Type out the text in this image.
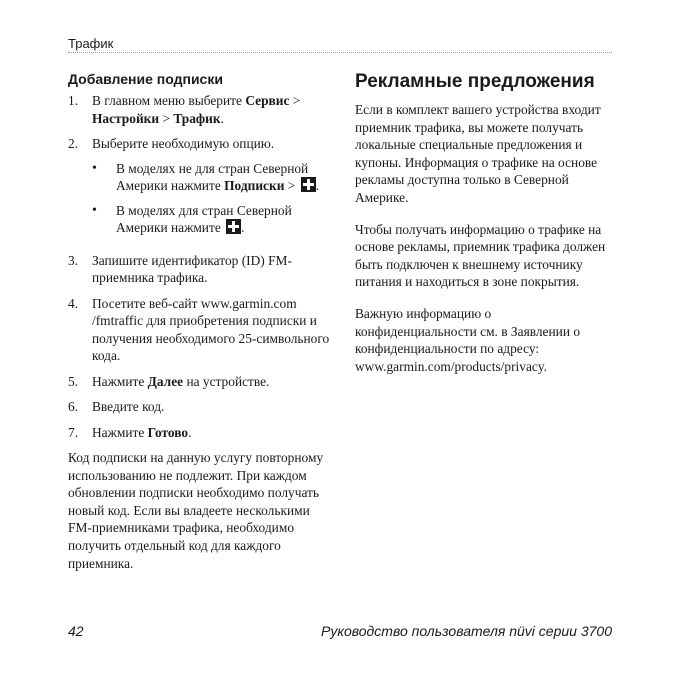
Трафик
Добавление подписки
1.	В главном меню выберите Сервис > Настройки > Трафик.
2.	Выберите необходимую опцию.
•	В моделях не для стран Северной Америки нажмите Подписки > .
•	В моделях для стран Северной Америки нажмите .
3.	Запишите идентификатор (ID) FM-приемника трафика.
4.	Посетите веб-сайт www.garmin.com /fmtraffic для приобретения подписки и получения необходимого 25-символьного кода.
5.	Нажмите Далее на устройстве.
6.	Введите код.
7.	Нажмите Готово.
Код подписки на данную услугу повторному использованию не подлежит. При каждом обновлении подписки необходимо получать новый код. Если вы владеете несколькими FM-приемниками трафика, необходимо получить отдельный код для каждого приемника.
Рекламные предложения
Если в комплект вашего устройства входит приемник трафика, вы можете получать локальные специальные предложения и купоны. Информация о трафике на основе рекламы доступна только в Северной Америке.
Чтобы получать информацию о трафике на основе рекламы, приемник трафика должен быть подключен к внешнему источнику питания и находиться в зоне покрытия.
Важную информацию о конфиденциальности см. в Заявлении о конфиденциальности по адресу: www.garmin.com/products/privacy.
42	Руководство пользователя nüvi серии 3700
